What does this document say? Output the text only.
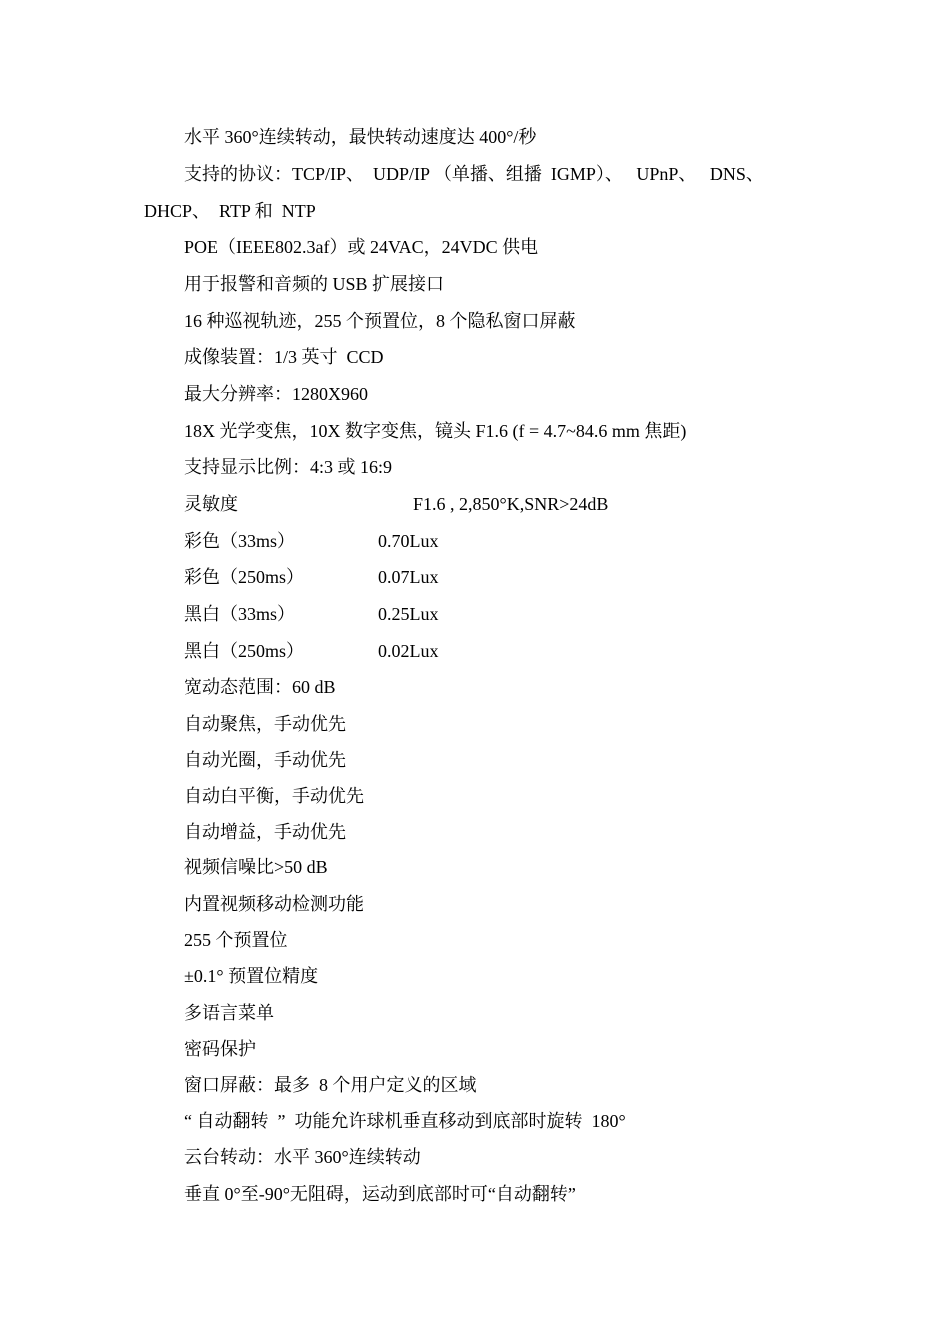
水平 360°连续转动，最快转动速度达 400°/秒
支持的协议：TCP/IP、  UDP/IP （单播、组播  IGMP）、   UPnP、   DNS、
DHCP、  RTP 和  NTP
POE（IEEE802.3af）或 24VAC，24VDC 供电
用于报警和音频的 USB 扩展接口
16 种巡视轨迹，255 个预置位，8 个隐私窗口屏蔽
成像装置：1/3 英寸  CCD
最大分辨率：1280X960
18X 光学变焦，10X 数字变焦，镜头 F1.6 (f = 4.7~84.6 mm 焦距)
支持显示比例：4:3 或 16:9
灵敏度	F1.6 , 2,850°K,SNR>24dB
彩色（33ms）	0.70Lux
彩色（250ms）	0.07Lux
黑白（33ms）	0.25Lux
黑白（250ms）	0.02Lux
宽动态范围：60 dB
自动聚焦，手动优先
自动光圈，手动优先
自动白平衡，手动优先
自动增益，手动优先
视频信噪比>50 dB
内置视频移动检测功能
255 个预置位
±0.1° 预置位精度
多语言菜单
密码保护
窗口屏蔽：最多  8 个用户定义的区域
“ 自动翻转  ”  功能允许球机垂直移动到底部时旋转  180°
云台转动：水平 360°连续转动
垂直 0°至-90°无阻碍，运动到底部时可“自动翻转”
